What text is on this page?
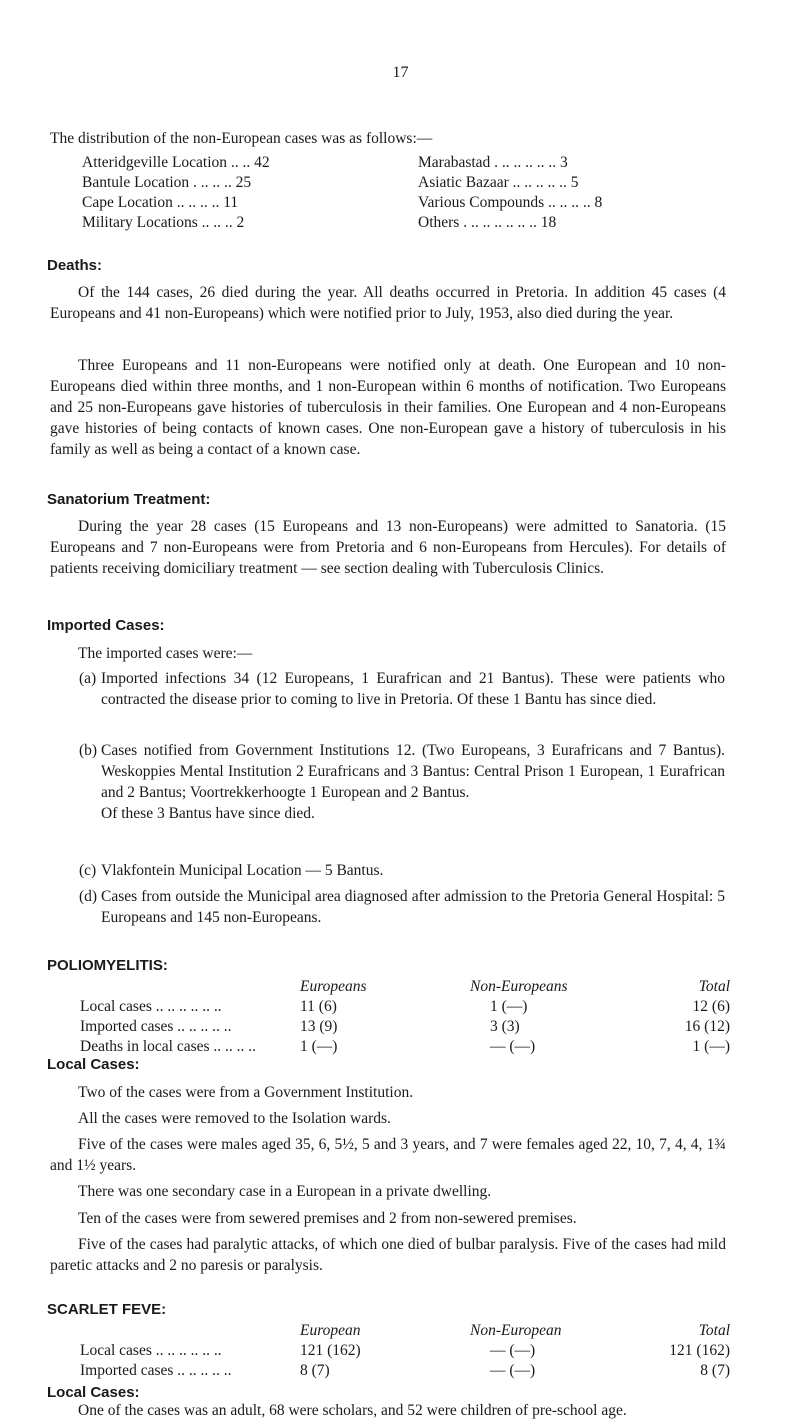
17

The distribution of the non-European cases was as follows:—

Atteridgeville Location .. .. 42
Bantule Location . .. .. .. 25
Cape Location .. .. .. .. 11
Military Locations .. .. .. 2
Marabastad . .. .. .. .. .. 3
Asiatic Bazaar .. .. .. .. .. 5
Various Compounds .. .. .. .. 8
Others . .. .. .. .. .. .. 18

Deaths:

Of the 144 cases, 26 died during the year. All deaths occurred in Pretoria. In addition 45 cases (4 Europeans and 41 non-Europeans) which were notified prior to July, 1953, also died during the year.

Three Europeans and 11 non-Europeans were notified only at death. One European and 10 non-Europeans died within three months, and 1 non-European within 6 months of notification. Two Europeans and 25 non-Europeans gave histories of tuberculosis in their families. One European and 4 non-Europeans gave histories of being contacts of known cases. One non-European gave a history of tuberculosis in his family as well as being a contact of a known case.

Sanatorium Treatment:

During the year 28 cases (15 Europeans and 13 non-Europeans) were admitted to Sanatoria. (15 Europeans and 7 non-Europeans were from Pretoria and 6 non-Europeans from Hercules). For details of patients receiving domiciliary treatment — see section dealing with Tuberculosis Clinics.

Imported Cases:

The imported cases were:—

(a) Imported infections 34 (12 Europeans, 1 Eurafrican and 21 Bantus). These were patients who contracted the disease prior to coming to live in Pretoria. Of these 1 Bantu has since died.
(b) Cases notified from Government Institutions 12. (Two Europeans, 3 Eurafricans and 7 Bantus). Weskoppies Mental Institution 2 Eurafricans and 3 Bantus: Central Prison 1 European, 1 Eurafrican and 2 Bantus; Voortrekkerhoogte 1 European and 2 Bantus.
Of these 3 Bantus have since died.
(c) Vlakfontein Municipal Location — 5 Bantus.
(d) Cases from outside the Municipal area diagnosed after admission to the Pretoria General Hospital: 5 Europeans and 145 non-Europeans.
POLIOMYELITIS:
Europeans	Non-Europeans	Total
Local cases .. .. .. .. .. ..	11 (6)	1 (—)	12 (6)
Imported cases .. .. .. .. ..	13 (9)	3 (3)	16 (12)
Deaths in local cases .. .. .. ..	1 (—)	— (—)	1 (—)

Local Cases:

Two of the cases were from a Government Institution.

All the cases were removed to the Isolation wards.

Five of the cases were males aged 35, 6, 5½, 5 and 3 years, and 7 were females aged 22, 10, 7, 4, 4, 1¾ and 1½ years.

There was one secondary case in a European in a private dwelling.

Ten of the cases were from sewered premises and 2 from non-sewered premises.

Five of the cases had paralytic attacks, of which one died of bulbar paralysis. Five of the cases had mild paretic attacks and 2 no paresis or paralysis.

SCARLET FEVE:
European	Non-European	Total
Local cases .. .. .. .. .. ..	121 (162)	— (—)	121 (162)
Imported cases .. .. .. .. ..	8 (7)	— (—)	8 (7)

Local Cases:

One of the cases was an adult, 68 were scholars, and 52 were children of pre-school age.
